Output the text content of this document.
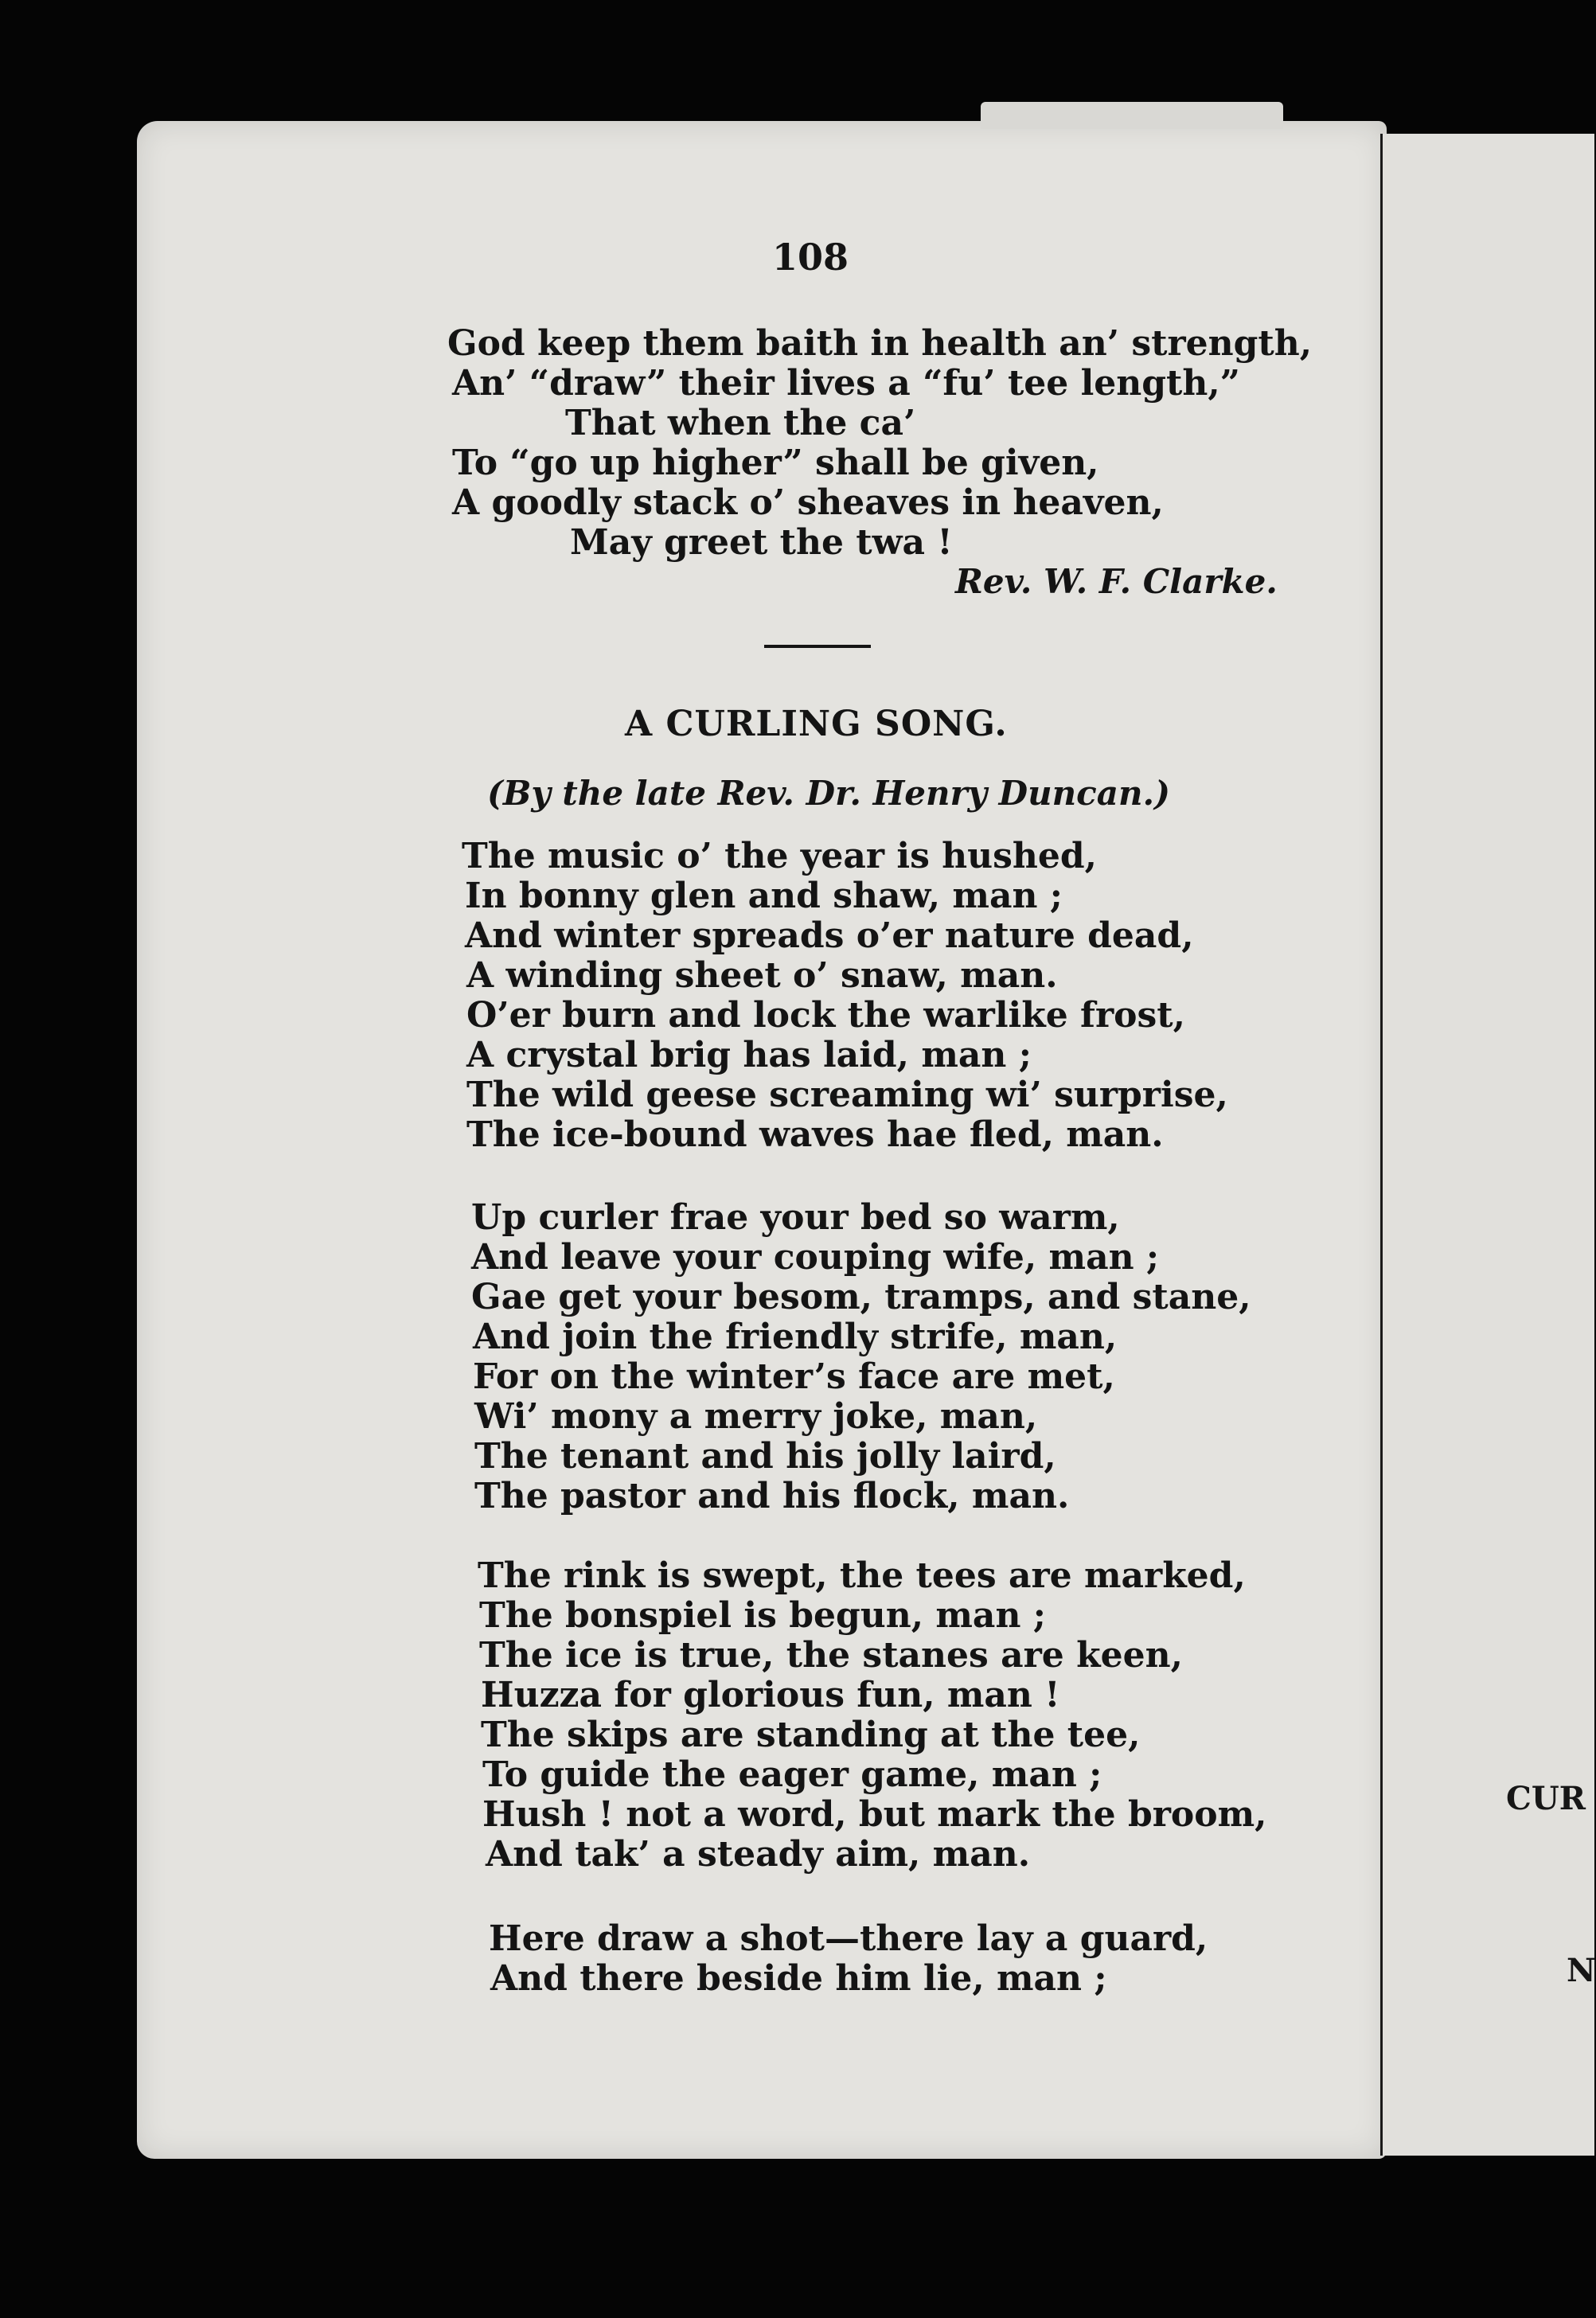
108
God keep them baith in health an’ strength,
An’ “draw” their lives a “fu’ tee length,”
That when the ca’
To “go up higher” shall be given,
A goodly stack o’ sheaves in heaven,
May greet the twa !
Rev. W. F. Clarke.
A CURLING SONG.
(By the late Rev. Dr. Henry Duncan.)
The music o’ the year is hushed,
In bonny glen and shaw, man ;
And winter spreads o’er nature dead,
A winding sheet o’ snaw, man.
O’er burn and lock the warlike frost,
A crystal brig has laid, man ;
The wild geese screaming wi’ surprise,
The ice-bound waves hae fled, man.
Up curler frae your bed so warm,
And leave your couping wife, man ;
Gae get your besom, tramps, and stane,
And join the friendly strife, man,
For on the winter’s face are met,
Wi’ mony a merry joke, man,
The tenant and his jolly laird,
The pastor and his flock, man.
The rink is swept, the tees are marked,
The bonspiel is begun, man ;
The ice is true, the stanes are keen,
Huzza for glorious fun, man !
The skips are standing at the tee,
To guide the eager game, man ;
Hush ! not a word, but mark the broom,
And tak’ a steady aim, man.
Here draw a shot—there lay a guard,
And there beside him lie, man ;
CUR
N
